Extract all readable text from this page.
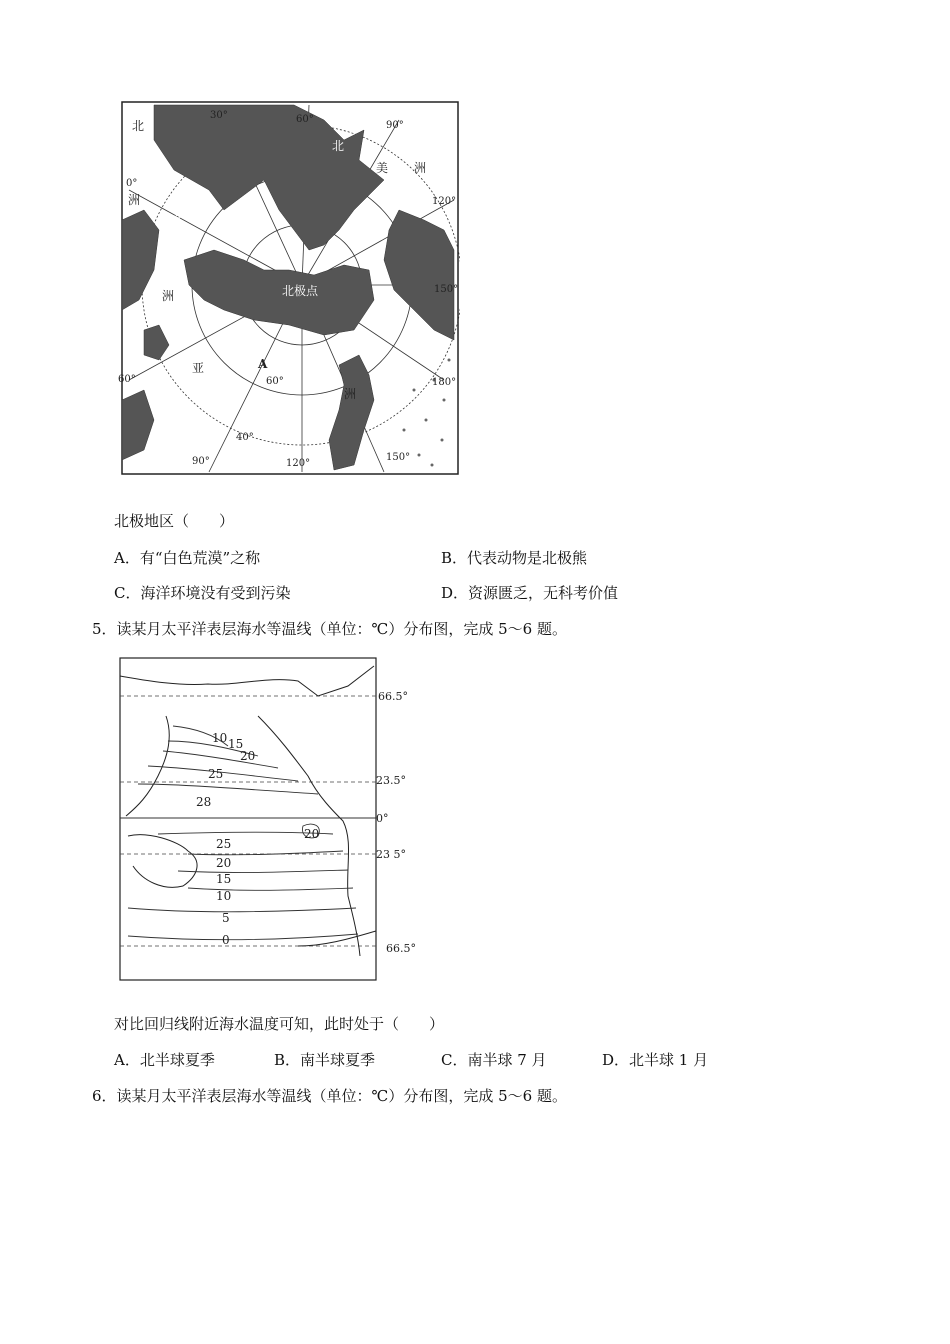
30°	60°
90°
120°
150°
180°
150°
120°
90°
60°
0°
40°
60°
北
洲
欧
洲
亚
洲
北
美 洲
北极点
A
北极地区（　　）
A．有“白色荒漠”之称	B．代表动物是北极熊
C．海洋环境没有受到污染	D．资源匮乏，无科考价值
5．读某月太平洋表层海水等温线（单位：℃）分布图，完成 5～6 题。
10 15
20
25
28
20
25
20
15
10
5
0
66.5°
23.5°
0°
23 5°
66.5°
对比回归线附近海水温度可知，此时处于（　　）
A．北半球夏季	B．南半球夏季	C．南半球 7 月	D．北半球 1 月
6．读某月太平洋表层海水等温线（单位：℃）分布图，完成 5～6 题。
